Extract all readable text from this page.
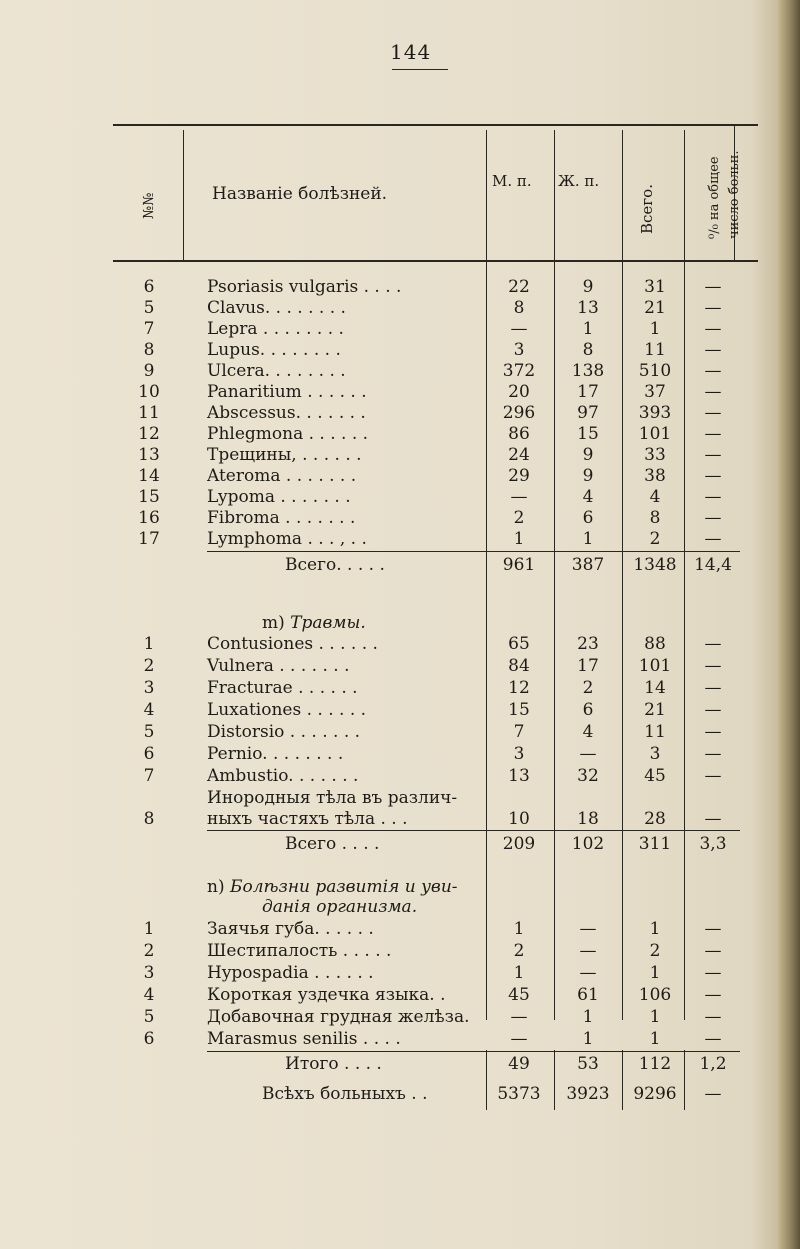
144
№№	Названіе болѣзней.
М. п. Ж. п.
Всего.	⁰/₀ на общее число больн.
6	Psoriasis vulgaris . . . .	22	9	31	—
5	Clavus. . . . . . . .	8	13	21	—
7	Lepra . . . . . . . .	—	1	1	—
8	Lupus. . . . . . . .	3	8	11	—
9	Ulcera. . . . . . . .	372	138	510	—
10	Panaritium . . . . . .	20	17	37	—
11	Abscessus. . . . . . .	296	97	393	—
12	Phlegmona . . . . . .	86	15	101	—
13	Трещины, . . . . . .	24	9	33	—
14	Ateroma . . . . . . .	29	9	38	—
15	Lypoma . . . . . . .	—	4	4	—
16	Fibroma . . . . . . .	2	6	8	—
17	Lymphoma . . . , . .	1	1	2	—
Всего. . . . .	961	387	1348	14,4
m) Травмы.
1	Contusiones . . . . . .	65	23	88	—
2	Vulnera . . . . . . .	84	17	101	—
3	Fracturae . . . . . .	12	2	14	—
4	Luxationes . . . . . .	15	6	21	—
5	Distorsio . . . . . . .	7	4	11	—
6	Pernio. . . . . . . .	3	—	3	—
7	Ambustio. . . . . . .	13	32	45	—
Инородныя тѣла въ различ-
8	ныхъ частяхъ тѣла . . .	10	18	28	—
Всего . . . .	209	102	311	3,3
n) Болѣзни развитія и уви-
данія организма.
1	Заячья губа. . . . . .	1	—	1	—
2	Шестипалость . . . . .	2	—	2	—
3	Hypospadia . . . . . .	1	—	1	—
4	Короткая уздечка языка. .	45	61	106	—
5	Добавочная грудная желѣза.	—	1	1	—
6	Marasmus senilis . . . .	—	1	1	—
Итого . . . .	49	53	112	1,2
Всѣхъ больныхъ . .	5373	3923	9296	—
